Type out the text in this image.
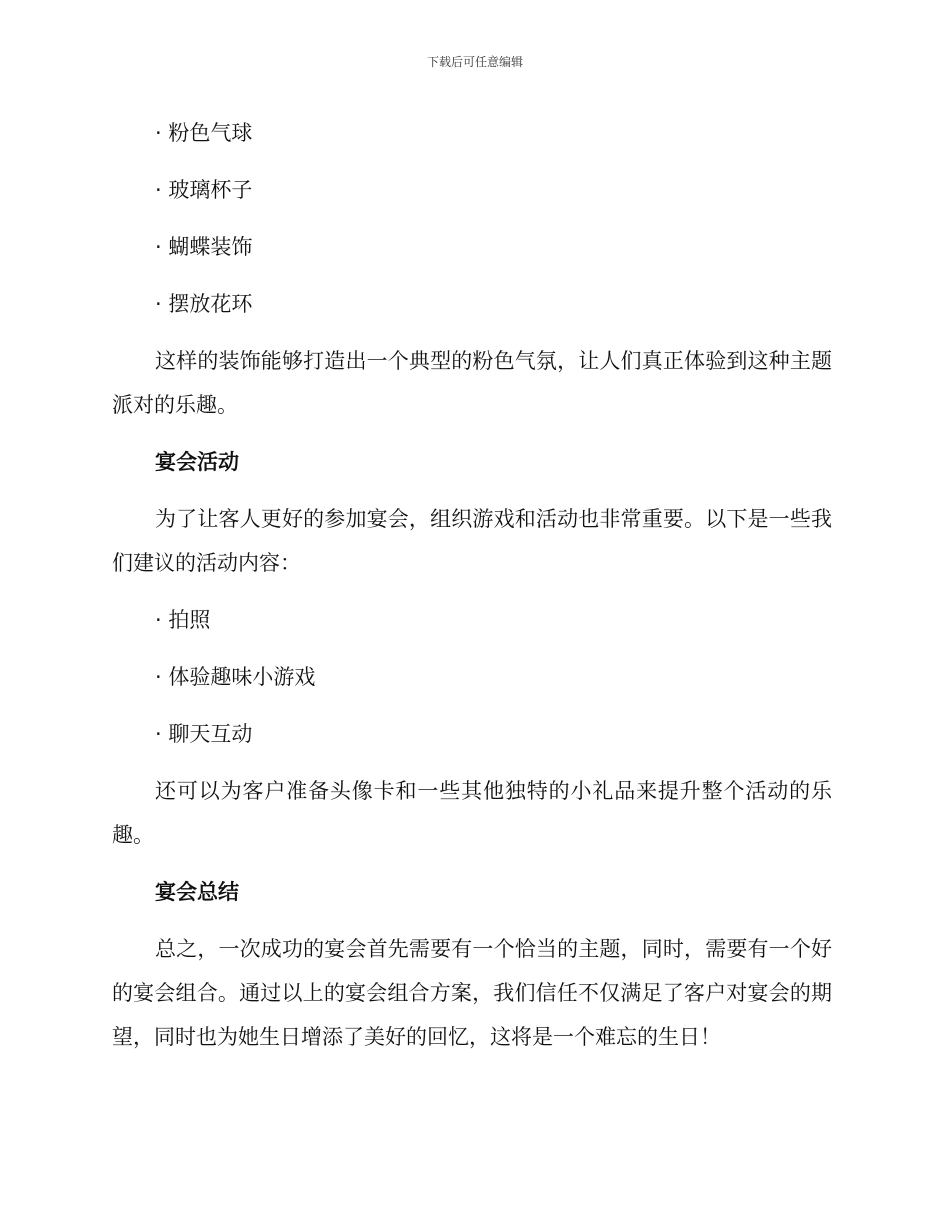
下载后可任意编辑
· 粉色气球
· 玻璃杯子
· 蝴蝶装饰
· 摆放花环
这样的装饰能够打造出一个典型的粉色气氛，让人们真正体验到这种主题派对的乐趣。
宴会活动
为了让客人更好的参加宴会，组织游戏和活动也非常重要。以下是一些我们建议的活动内容：
· 拍照
· 体验趣味小游戏
· 聊天互动
还可以为客户准备头像卡和一些其他独特的小礼品来提升整个活动的乐趣。
宴会总结
总之，一次成功的宴会首先需要有一个恰当的主题，同时，需要有一个好的宴会组合。通过以上的宴会组合方案，我们信任不仅满足了客户对宴会的期望，同时也为她生日增添了美好的回忆，这将是一个难忘的生日！
